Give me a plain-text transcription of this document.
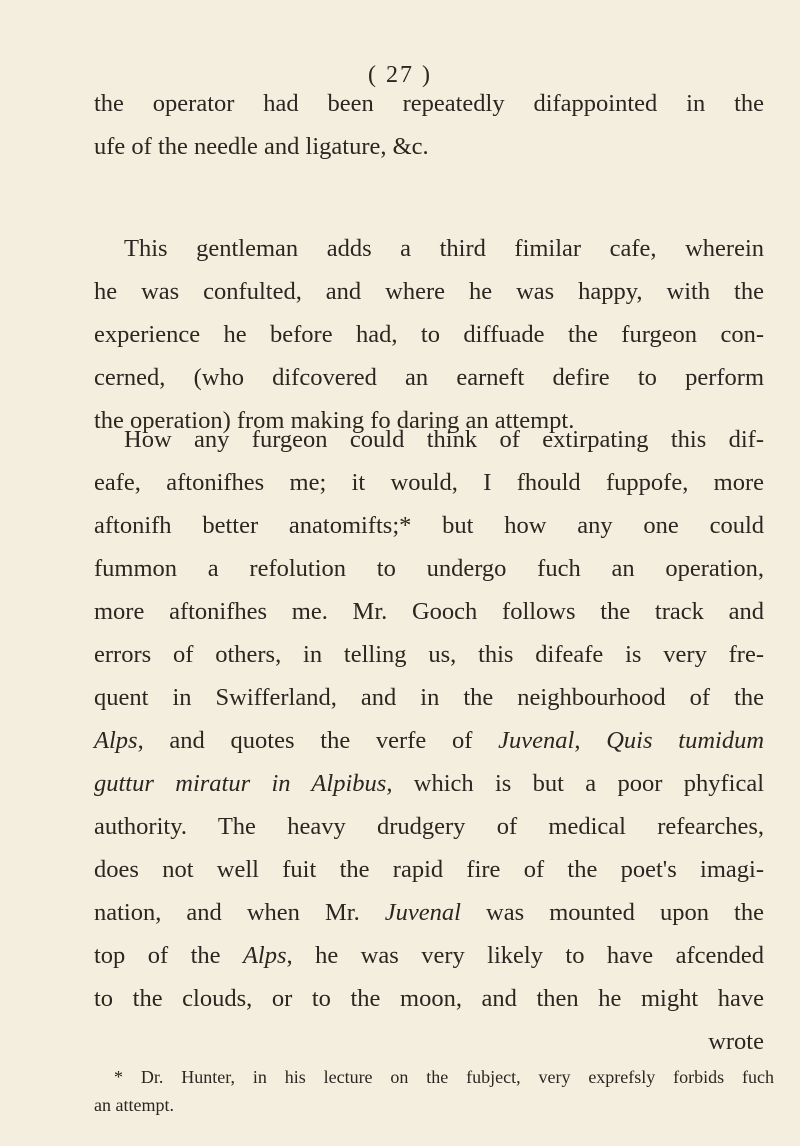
( 27 )
the operator had been repeatedly difappointed in the
ufe of the needle and ligature, &c.
This gentleman adds a third fimilar cafe, wherein
he was confulted, and where he was happy, with the
experience he before had, to diffuade the furgeon con-
cerned, (who difcovered an earneft defire to perform
the operation) from making fo daring an attempt.
How any furgeon could think of extirpating this dif-
eafe, aftonifhes me; it would, I fhould fuppofe, more
aftonifh better anatomifts;* but how any one could
fummon a refolution to undergo fuch an operation,
more aftonifhes me. Mr. Gooch follows the track and
errors of others, in telling us, this difeafe is very fre-
quent in Swifferland, and in the neighbourhood of the
Alps, and quotes the verfe of Juvenal, Quis tumidum
guttur miratur in Alpibus, which is but a poor phyfical
authority. The heavy drudgery of medical refearches,
does not well fuit the rapid fire of the poet's imagi-
nation, and when Mr. Juvenal was mounted upon the
top of the Alps, he was very likely to have afcended
to the clouds, or to the moon, and then he might have
wrote
* Dr. Hunter, in his lecture on the fubject, very exprefsly forbids fuch
an attempt.
